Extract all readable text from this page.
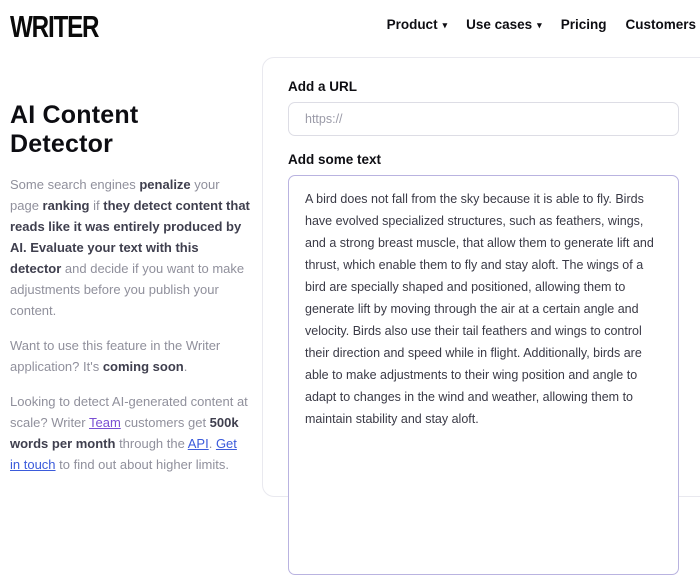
WRITER	Product ▾ Use cases ▾ Pricing Customers
AI Content Detector

Some search engines penalize your page ranking if they detect content that reads like it was entirely produced by AI. Evaluate your text with this detector and decide if you want to make adjustments before you publish your content.

Want to use this feature in the Writer application? It's coming soon.

Looking to detect AI-generated content at scale? Writer Team customers get 500k words per month through the API. Get in touch to find out about higher limits.

Add a URL
https://
Add some text
A bird does not fall from the sky because it is able to fly. Birds have evolved specialized structures, such as feathers, wings, and a strong breast muscle, that allow them to generate lift and thrust, which enable them to fly and stay aloft. The wings of a bird are specially shaped and positioned, allowing them to generate lift by moving through the air at a certain angle and velocity. Birds also use their tail feathers and wings to control their direction and speed while in flight. Additionally, birds are able to make adjustments to their wing position and angle to adapt to changes in the wind and weather, allowing them to maintain stability and stay aloft.
